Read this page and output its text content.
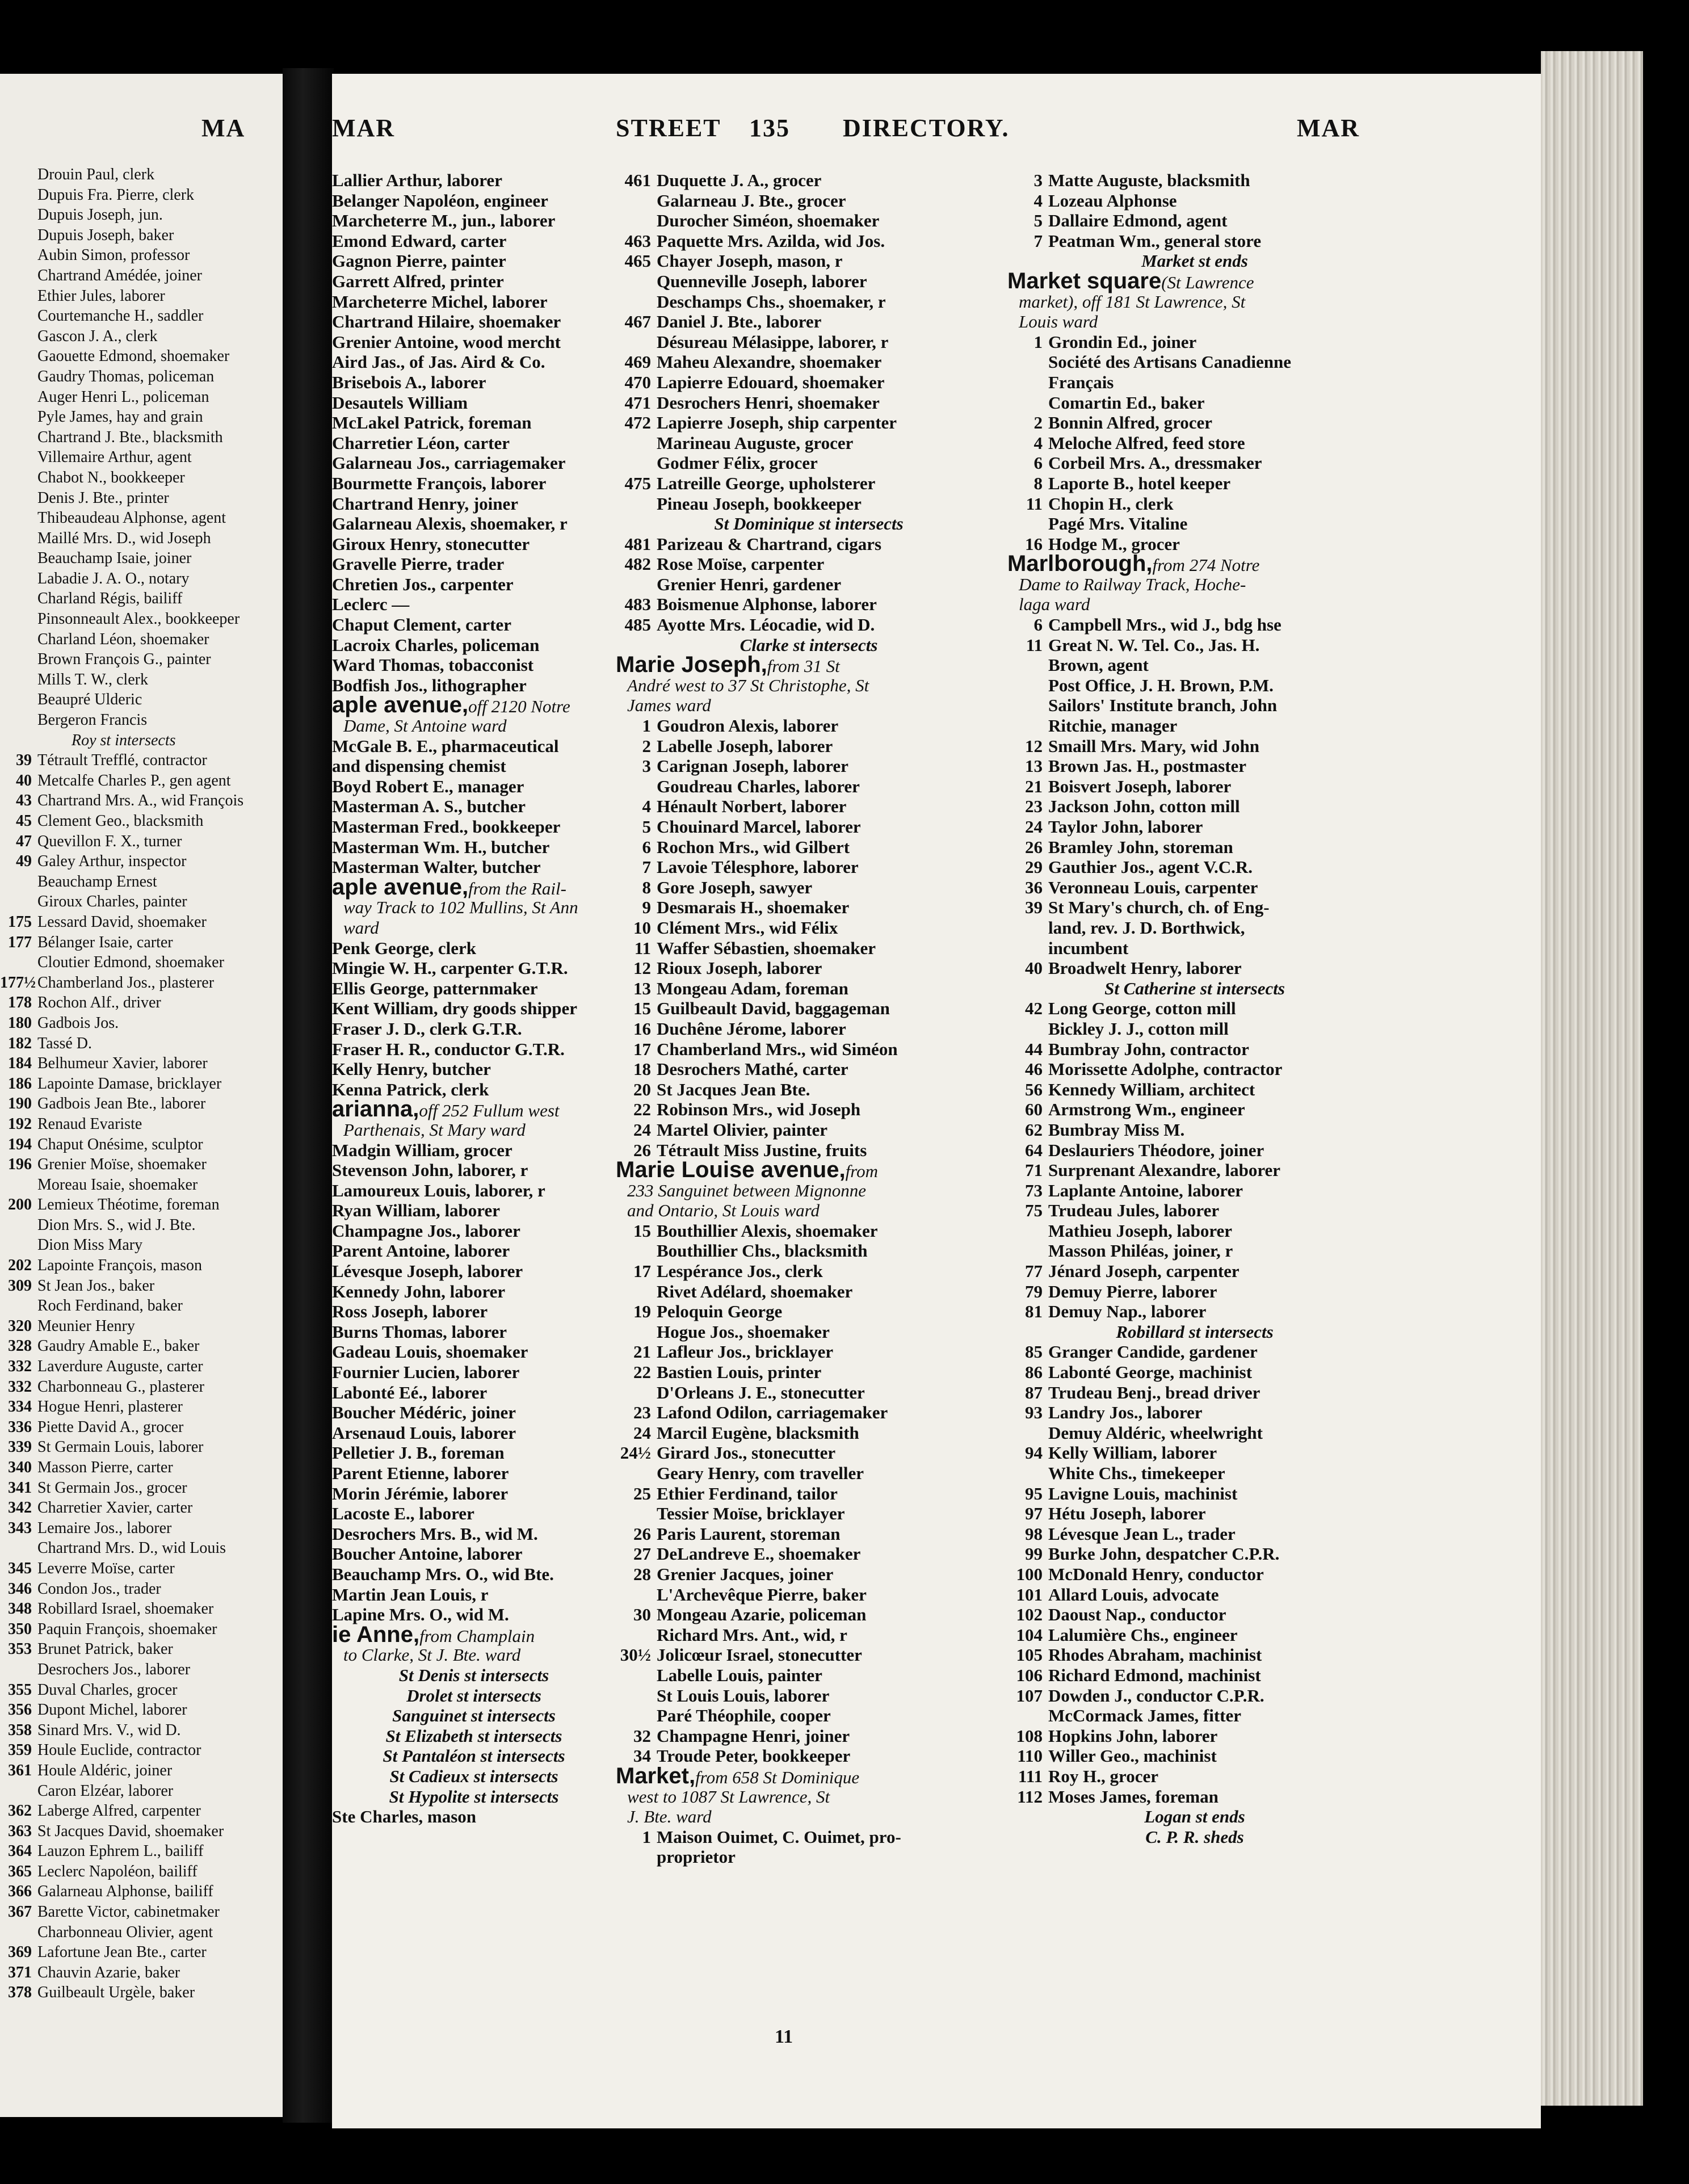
MA
Drouin Paul, clerk
Dupuis Fra. Pierre, clerk
Dupuis Joseph, jun.
Dupuis Joseph, baker
Aubin Simon, professor
Chartrand Amédée, joiner
Ethier Jules, laborer
Courtemanche H., saddler
Gascon J. A., clerk
Gaouette Edmond, shoemaker
Gaudry Thomas, policeman
Auger Henri L., policeman
Pyle James, hay and grain
Chartrand J. Bte., blacksmith
Villemaire Arthur, agent
Chabot N., bookkeeper
Denis J. Bte., printer
Thibeaudeau Alphonse, agent
Maillé Mrs. D., wid Joseph
Beauchamp Isaie, joiner
Labadie J. A. O., notary
Charland Régis, bailiff
Pinsonneault Alex., bookkeeper
Charland Léon, shoemaker
Brown François G., painter
Mills T. W., clerk
Beaupré Ulderic
Bergeron Francis
Roy st intersects
39 Tétrault Trefflé, contractor
40 Metcalfe Charles P., gen agent
43 Chartrand Mrs. A., wid François
45 Clement Geo., blacksmith
47 Quevillon F. X., turner
49 Galey Arthur, inspector
Beauchamp Ernest
Giroux Charles, painter
175 Lessard David, shoemaker
177 Bélanger Isaie, carter
Cloutier Edmond, shoemaker
177½ Chamberland Jos., plasterer
178 Rochon Alf., driver
180 Gadbois Jos.
182 Tassé D.
184 Belhumeur Xavier, laborer
186 Lapointe Damase, bricklayer
190 Gadbois Jean Bte., laborer
192 Renaud Evariste
194 Chaput Onésime, sculptor
196 Grenier Moïse, shoemaker
Moreau Isaie, shoemaker
200 Lemieux Théotime, foreman
Dion Mrs. S., wid J. Bte.
Dion Miss Mary
202 Lapointe François, mason
309 St Jean Jos., baker
Roch Ferdinand, baker
320 Meunier Henry
328 Gaudry Amable E., baker
332 Laverdure Auguste, carter
332 Charbonneau G., plasterer
334 Hogue Henri, plasterer
336 Piette David A., grocer
339 St Germain Louis, laborer
340 Masson Pierre, carter
341 St Germain Jos., grocer
342 Charretier Xavier, carter
343 Lemaire Jos., laborer
Chartrand Mrs. D., wid Louis
345 Leverre Moïse, carter
346 Condon Jos., trader
348 Robillard Israel, shoemaker
350 Paquin François, shoemaker
353 Brunet Patrick, baker
Desrochers Jos., laborer
355 Duval Charles, grocer
356 Dupont Michel, laborer
358 Sinard Mrs. V., wid D.
359 Houle Euclide, contractor
361 Houle Aldéric, joiner
Caron Elzéar, laborer
362 Laberge Alfred, carpenter
363 St Jacques David, shoemaker
364 Lauzon Ephrem L., bailiff
365 Leclerc Napoléon, bailiff
366 Galarneau Alphonse, bailiff
367 Barette Victor, cabinetmaker
Charbonneau Olivier, agent
369 Lafortune Jean Bte., carter
371 Chauvin Azarie, baker
378 Guilbeault Urgèle, baker
MAR	STREET 135 DIRECTORY.	MAR
Lallier Arthur, laborer
Belanger Napoléon, engineer
Marcheterre M., jun., laborer
Emond Edward, carter
Gagnon Pierre, painter
Garrett Alfred, printer
Marcheterre Michel, laborer
Chartrand Hilaire, shoemaker
Grenier Antoine, wood mercht
Aird Jas., of Jas. Aird & Co.
Brisebois A., laborer
Desautels William
McLakel Patrick, foreman
Charretier Léon, carter
Galarneau Jos., carriagemaker
Bourmette François, laborer
Chartrand Henry, joiner
Galarneau Alexis, shoemaker, r
Giroux Henry, stonecutter
Gravelle Pierre, trader
Chretien Jos., carpenter
Leclerc —
Chaput Clement, carter
Lacroix Charles, policeman
Ward Thomas, tobacconist
Bodfish Jos., lithographer
aple avenue,off 2120 Notre
Dame, St Antoine ward
McGale B. E., pharmaceutical
and dispensing chemist
Boyd Robert E., manager
Masterman A. S., butcher
Masterman Fred., bookkeeper
Masterman Wm. H., butcher
Masterman Walter, butcher
aple avenue,from the Rail-
way Track to 102 Mullins, St Ann
ward
Penk George, clerk
Mingie W. H., carpenter G.T.R.
Ellis George, patternmaker
Kent William, dry goods shipper
Fraser J. D., clerk G.T.R.
Fraser H. R., conductor G.T.R.
Kelly Henry, butcher
Kenna Patrick, clerk
arianna,off 252 Fullum west
Parthenais, St Mary ward
Madgin William, grocer
Stevenson John, laborer, r
Lamoureux Louis, laborer, r
Ryan William, laborer
Champagne Jos., laborer
Parent Antoine, laborer
Lévesque Joseph, laborer
Kennedy John, laborer
Ross Joseph, laborer
Burns Thomas, laborer
Gadeau Louis, shoemaker
Fournier Lucien, laborer
Labonté Eé., laborer
Boucher Médéric, joiner
Arsenaud Louis, laborer
Pelletier J. B., foreman
Parent Etienne, laborer
Morin Jérémie, laborer
Lacoste E., laborer
Desrochers Mrs. B., wid M.
Boucher Antoine, laborer
Beauchamp Mrs. O., wid Bte.
Martin Jean Louis, r
Lapine Mrs. O., wid M.
ie Anne,from Champlain
to Clarke, St J. Bte. ward
St Denis st intersects
Drolet st intersects
Sanguinet st intersects
St Elizabeth st intersects
St Pantaléon st intersects
St Cadieux st intersects
St Hypolite st intersects
Ste Charles, mason
461 Duquette J. A., grocer
Galarneau J. Bte., grocer
Durocher Siméon, shoemaker
463 Paquette Mrs. Azilda, wid Jos.
465 Chayer Joseph, mason, r
Quenneville Joseph, laborer
Deschamps Chs., shoemaker, r
467 Daniel J. Bte., laborer
Désureau Mélasippe, laborer, r
469 Maheu Alexandre, shoemaker
470 Lapierre Edouard, shoemaker
471 Desrochers Henri, shoemaker
472 Lapierre Joseph, ship carpenter
Marineau Auguste, grocer
Godmer Félix, grocer
475 Latreille George, upholsterer
Pineau Joseph, bookkeeper
St Dominique st intersects
481 Parizeau & Chartrand, cigars
482 Rose Moïse, carpenter
Grenier Henri, gardener
483 Boismenue Alphonse, laborer
485 Ayotte Mrs. Léocadie, wid D.
Clarke st intersects
Marie Joseph,from 31 St
André west to 37 St Christophe, St
James ward
1 Goudron Alexis, laborer
2 Labelle Joseph, laborer
3 Carignan Joseph, laborer
Goudreau Charles, laborer
4 Hénault Norbert, laborer
5 Chouinard Marcel, laborer
6 Rochon Mrs., wid Gilbert
7 Lavoie Télesphore, laborer
8 Gore Joseph, sawyer
9 Desmarais H., shoemaker
10 Clément Mrs., wid Félix
11 Waffer Sébastien, shoemaker
12 Rioux Joseph, laborer
13 Mongeau Adam, foreman
15 Guilbeault David, baggageman
16 Duchêne Jérome, laborer
17 Chamberland Mrs., wid Siméon
18 Desrochers Mathé, carter
20 St Jacques Jean Bte.
22 Robinson Mrs., wid Joseph
24 Martel Olivier, painter
26 Tétrault Miss Justine, fruits
Marie Louise avenue,from
233 Sanguinet between Mignonne
and Ontario, St Louis ward
15 Bouthillier Alexis, shoemaker
Bouthillier Chs., blacksmith
17 Lespérance Jos., clerk
Rivet Adélard, shoemaker
19 Peloquin George
Hogue Jos., shoemaker
21 Lafleur Jos., bricklayer
22 Bastien Louis, printer
D'Orleans J. E., stonecutter
23 Lafond Odilon, carriagemaker
24 Marcil Eugène, blacksmith
24½ Girard Jos., stonecutter
Geary Henry, com traveller
25 Ethier Ferdinand, tailor
Tessier Moïse, bricklayer
26 Paris Laurent, storeman
27 DeLandreve E., shoemaker
28 Grenier Jacques, joiner
L'Archevêque Pierre, baker
30 Mongeau Azarie, policeman
Richard Mrs. Ant., wid, r
30½ Jolicœur Israel, stonecutter
Labelle Louis, painter
St Louis Louis, laborer
Paré Théophile, cooper
32 Champagne Henri, joiner
34 Troude Peter, bookkeeper
Market,from 658 St Dominique
west to 1087 St Lawrence, St
J. Bte. ward
1 Maison Ouimet, C. Ouimet, pro-
proprietor
3 Matte Auguste, blacksmith
4 Lozeau Alphonse
5 Dallaire Edmond, agent
7 Peatman Wm., general store
Market st ends
Market square(St Lawrence
market), off 181 St Lawrence, St
Louis ward
1 Grondin Ed., joiner
Société des Artisans Canadienne
Français
Comartin Ed., baker
2 Bonnin Alfred, grocer
4 Meloche Alfred, feed store
6 Corbeil Mrs. A., dressmaker
8 Laporte B., hotel keeper
11 Chopin H., clerk
Pagé Mrs. Vitaline
16 Hodge M., grocer
Marlborough,from 274 Notre
Dame to Railway Track, Hoche-
laga ward
6 Campbell Mrs., wid J., bdg hse
11 Great N. W. Tel. Co., Jas. H.
Brown, agent
Post Office, J. H. Brown, P.M.
Sailors' Institute branch, John
Ritchie, manager
12 Smaill Mrs. Mary, wid John
13 Brown Jas. H., postmaster
21 Boisvert Joseph, laborer
23 Jackson John, cotton mill
24 Taylor John, laborer
26 Bramley John, storeman
29 Gauthier Jos., agent V.C.R.
36 Veronneau Louis, carpenter
39 St Mary's church, ch. of Eng-
land, rev. J. D. Borthwick,
incumbent
40 Broadwelt Henry, laborer
St Catherine st intersects
42 Long George, cotton mill
Bickley J. J., cotton mill
44 Bumbray John, contractor
46 Morissette Adolphe, contractor
56 Kennedy William, architect
60 Armstrong Wm., engineer
62 Bumbray Miss M.
64 Deslauriers Théodore, joiner
71 Surprenant Alexandre, laborer
73 Laplante Antoine, laborer
75 Trudeau Jules, laborer
Mathieu Joseph, laborer
Masson Philéas, joiner, r
77 Jénard Joseph, carpenter
79 Demuy Pierre, laborer
81 Demuy Nap., laborer
Robillard st intersects
85 Granger Candide, gardener
86 Labonté George, machinist
87 Trudeau Benj., bread driver
93 Landry Jos., laborer
Demuy Aldéric, wheelwright
94 Kelly William, laborer
White Chs., timekeeper
95 Lavigne Louis, machinist
97 Hétu Joseph, laborer
98 Lévesque Jean L., trader
99 Burke John, despatcher C.P.R.
100 McDonald Henry, conductor
101 Allard Louis, advocate
102 Daoust Nap., conductor
104 Lalumière Chs., engineer
105 Rhodes Abraham, machinist
106 Richard Edmond, machinist
107 Dowden J., conductor C.P.R.
McCormack James, fitter
108 Hopkins John, laborer
110 Willer Geo., machinist
111 Roy H., grocer
112 Moses James, foreman
Logan st ends
C. P. R. sheds
11
